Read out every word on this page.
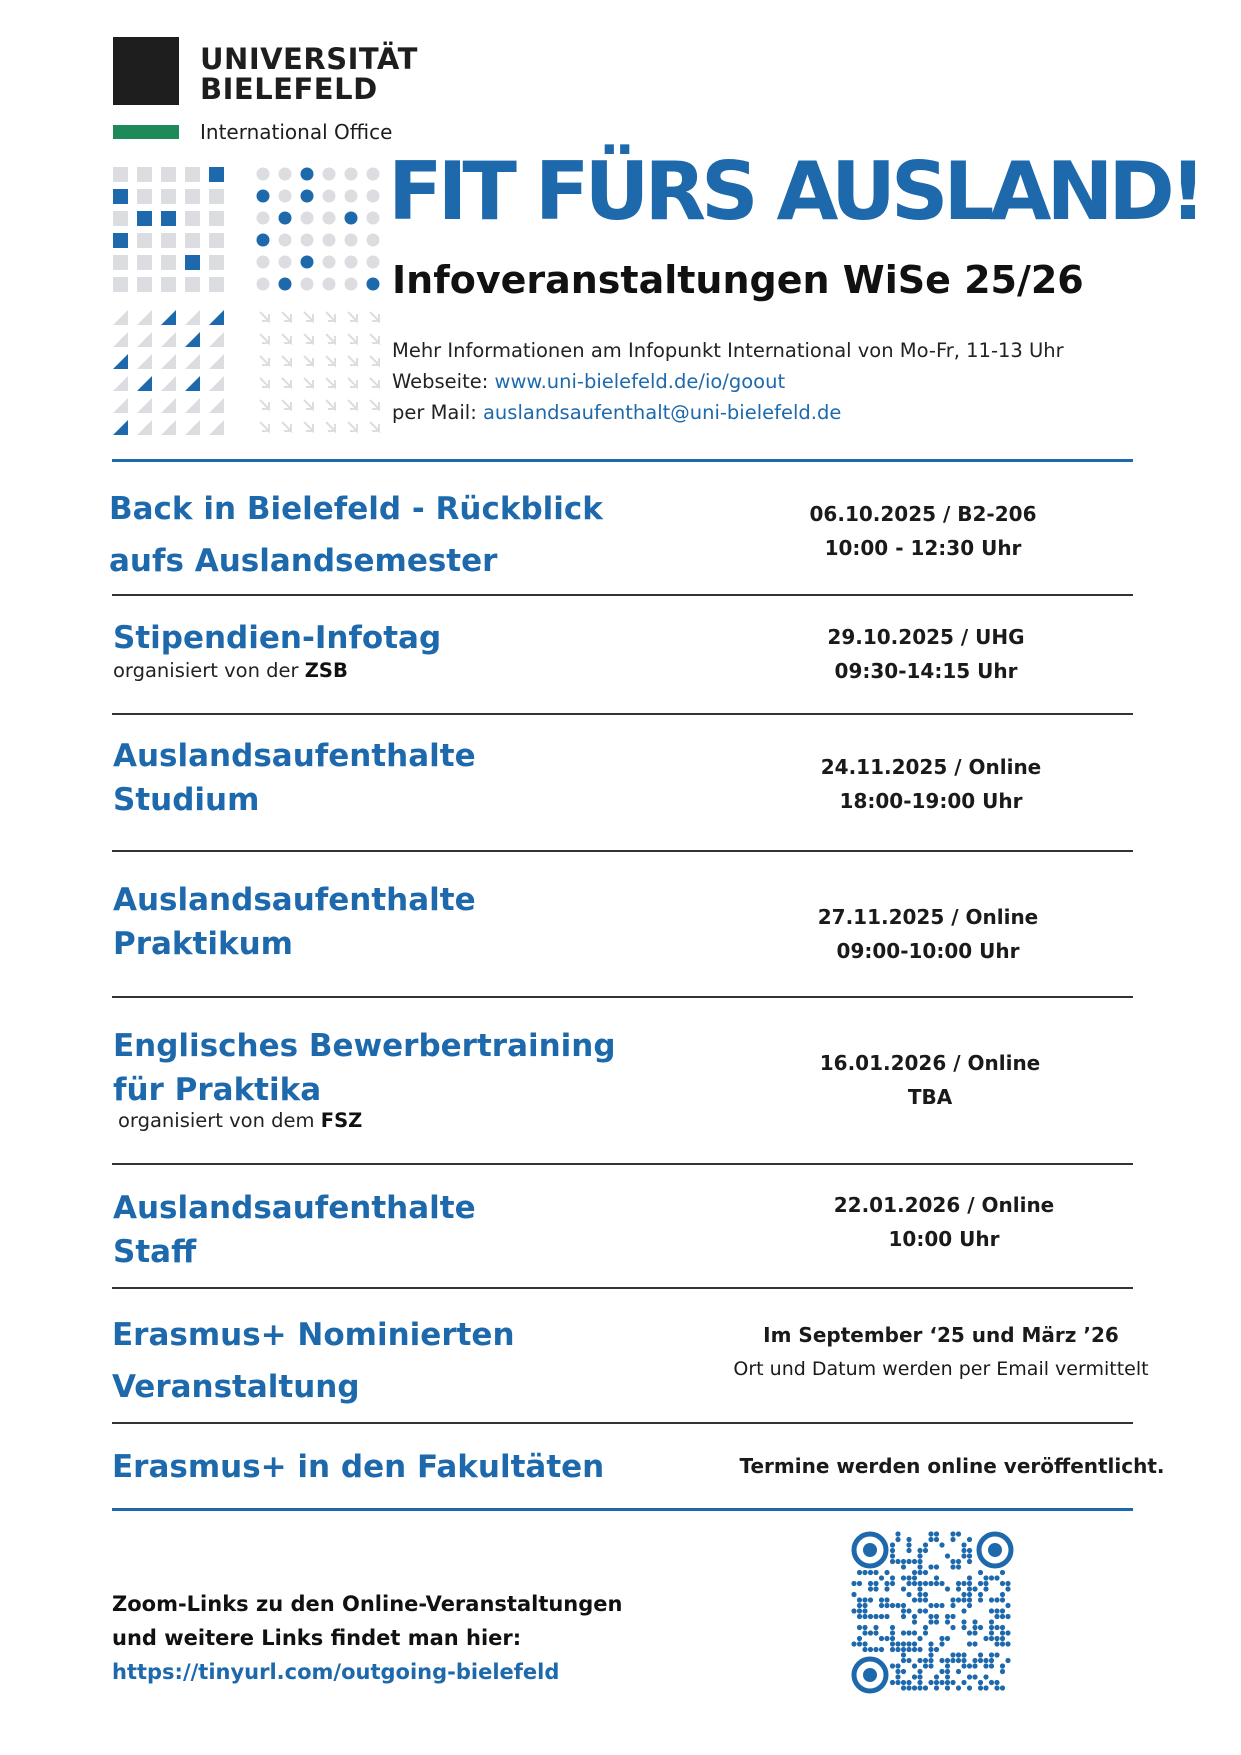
UNIVERSITÄT
BIELEFELD
International Office
FIT FÜRS AUSLAND!
Infoveranstaltungen WiSe 25/26
Mehr Informationen am Infopunkt International von Mo-Fr, 11-13 Uhr
Webseite: www.uni-bielefeld.de/io/goout
per Mail: auslandsaufenthalt@uni-bielefeld.de
Back in Bielefeld - Rückblick
aufs Auslandsemester
06.10.2025 / B2-206
10:00 - 12:30 Uhr
Stipendien-Infotag
organisiert von der ZSB
29.10.2025 / UHG
09:30-14:15 Uhr
Auslandsaufenthalte
Studium
24.11.2025 / Online
18:00-19:00 Uhr
Auslandsaufenthalte
Praktikum
27.11.2025 / Online
09:00-10:00 Uhr
Englisches Bewerbertraining
für Praktika
organisiert von dem FSZ
16.01.2026 / Online
TBA
Auslandsaufenthalte
Staff
22.01.2026 / Online
10:00 Uhr
Erasmus+ Nominierten
Veranstaltung
Im September ‘25 und März ’26
Ort und Datum werden per Email vermittelt
Erasmus+ in den Fakultäten	Termine werden online veröffentlicht.
Zoom-Links zu den Online-Veranstaltungen
und weitere Links findet man hier:
https://tinyurl.com/outgoing-bielefeld
